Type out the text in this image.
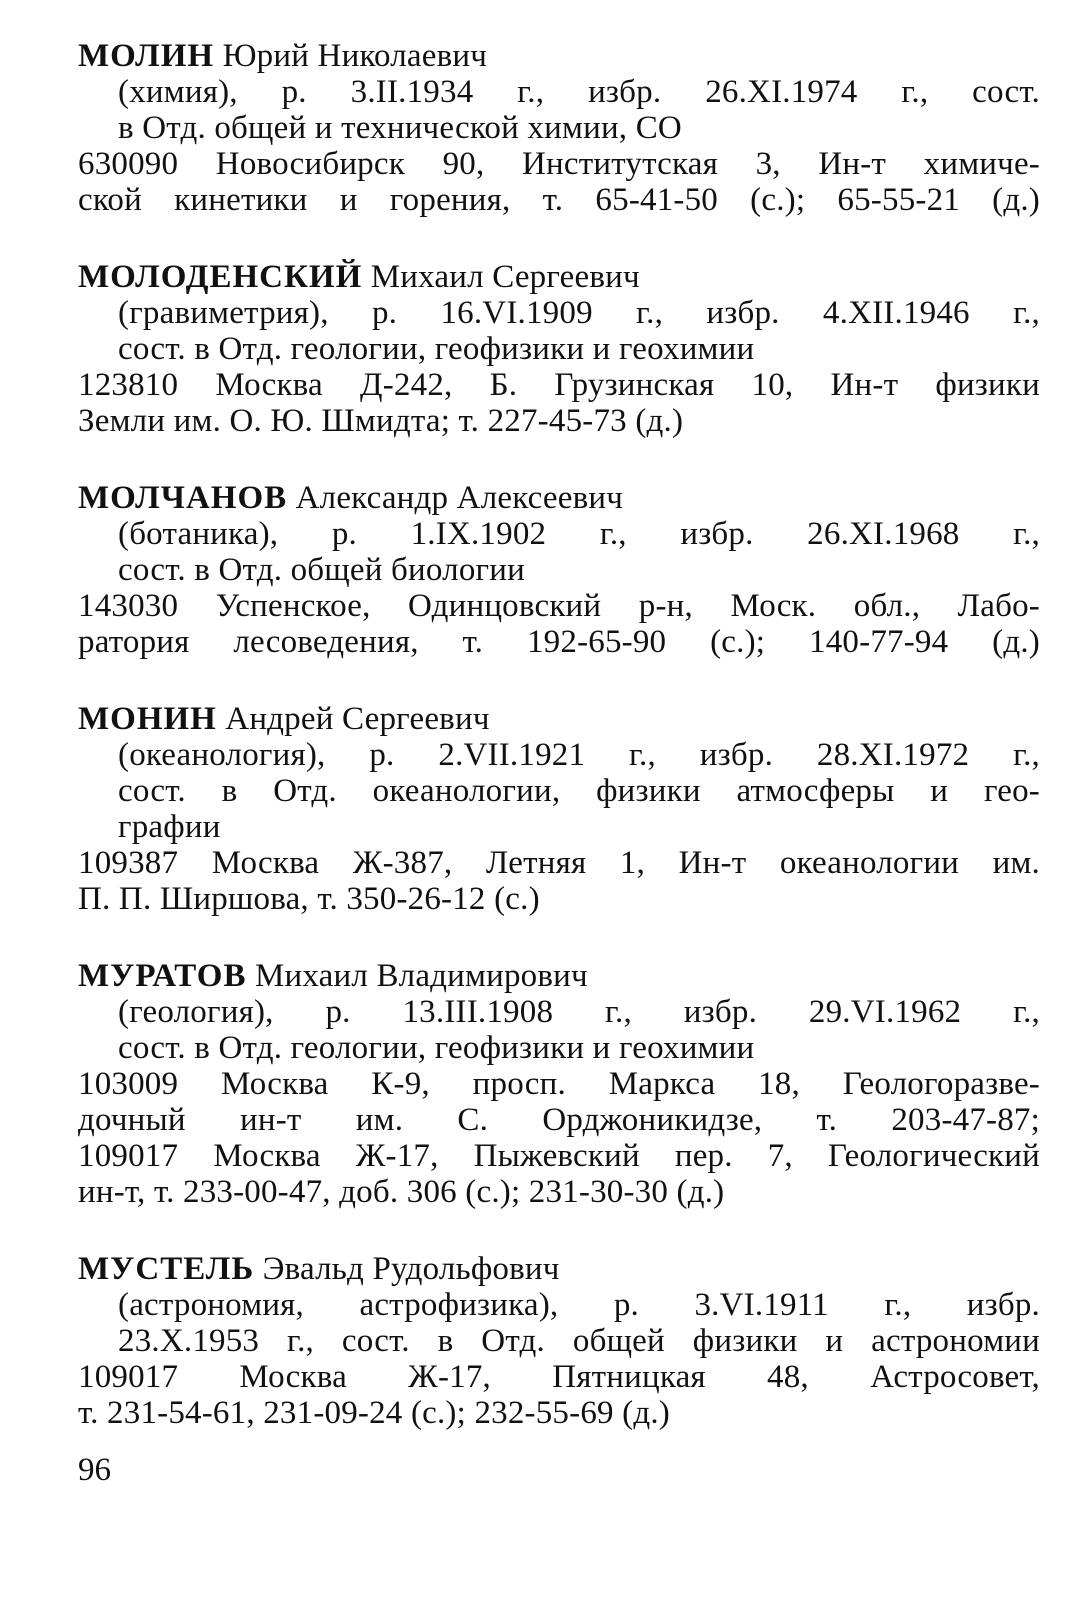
МОЛИН Юрий Николаевич
(химия), р. 3.II.1934 г., избр. 26.XI.1974 г., сост.
в Отд. общей и технической химии, СО
630090 Новосибирск 90, Институтская 3, Ин-т химиче-
ской кинетики и горения, т. 65-41-50 (с.); 65-55-21 (д.)
МОЛОДЕНСКИЙ Михаил Сергеевич
(гравиметрия), р. 16.VI.1909 г., избр. 4.XII.1946 г.,
сост. в Отд. геологии, геофизики и геохимии
123810 Москва Д-242, Б. Грузинская 10, Ин-т физики
Земли им. О. Ю. Шмидта; т. 227-45-73 (д.)
МОЛЧАНОВ Александр Алексеевич
(ботаника), р. 1.IX.1902 г., избр. 26.XI.1968 г.,
сост. в Отд. общей биологии
143030 Успенское, Одинцовский р-н, Моск. обл., Лабо-
ратория лесоведения, т. 192-65-90 (с.); 140-77-94 (д.)
МОНИН Андрей Сергеевич
(океанология), р. 2.VII.1921 г., избр. 28.XI.1972 г.,
сост. в Отд. океанологии, физики атмосферы и гео-
графии
109387 Москва Ж-387, Летняя 1, Ин-т океанологии им.
П. П. Ширшова, т. 350-26-12 (с.)
МУРАТОВ Михаил Владимирович
(геология), р. 13.III.1908 г., избр. 29.VI.1962 г.,
сост. в Отд. геологии, геофизики и геохимии
103009 Москва К-9, просп. Маркса 18, Геологоразве-
дочный ин-т им. С. Орджоникидзе, т. 203-47-87;
109017 Москва Ж-17, Пыжевский пер. 7, Геологический
ин-т, т. 233-00-47, доб. 306 (с.); 231-30-30 (д.)
МУСТЕЛЬ Эвальд Рудольфович
(астрономия, астрофизика), р. 3.VI.1911 г., избр.
23.X.1953 г., сост. в Отд. общей физики и астрономии
109017 Москва Ж-17, Пятницкая 48, Астросовет,
т. 231-54-61, 231-09-24 (с.); 232-55-69 (д.)
96
